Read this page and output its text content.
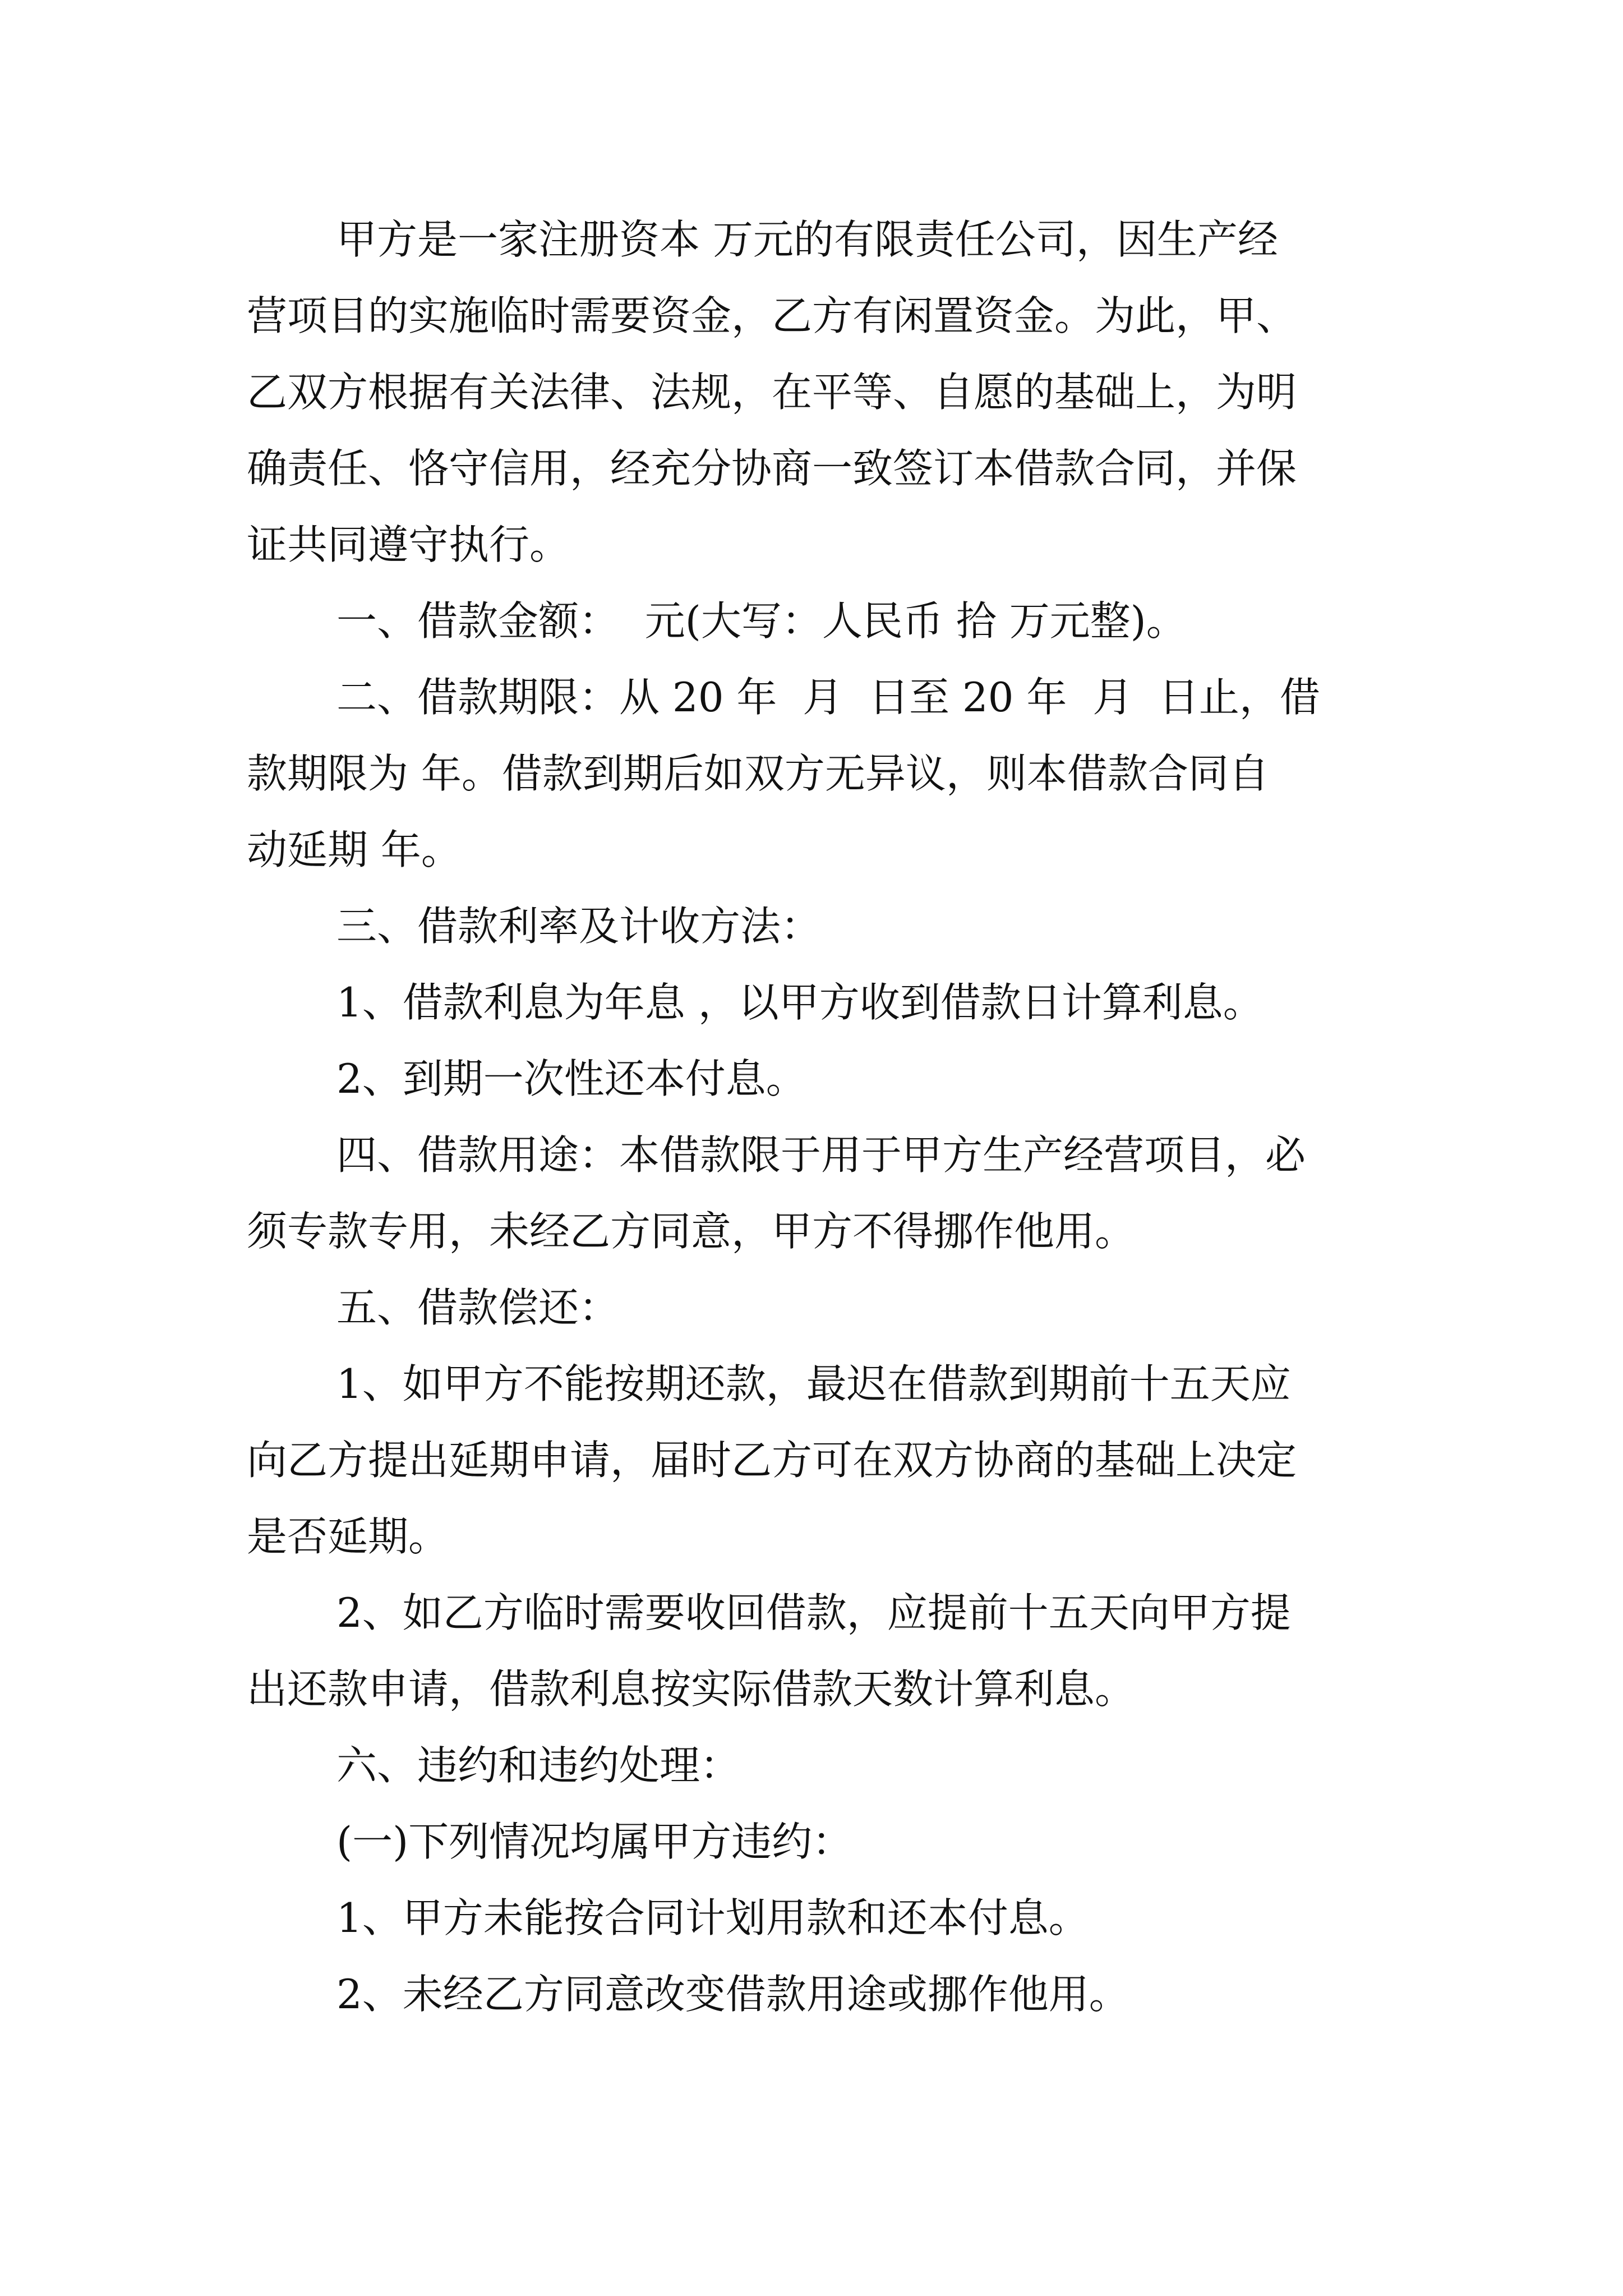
甲方是一家注册资本 万元的有限责任公司，因生产经

营项目的实施临时需要资金，乙方有闲置资金。为此，甲、

乙双方根据有关法律、法规，在平等、自愿的基础上，为明

确责任、恪守信用，经充分协商一致签订本借款合同，并保

证共同遵守执行。

一、借款金额：  元(大写：人民币 拾 万元整)。

二、借款期限：从 20 年  月  日至 20 年  月  日止，借

款期限为 年。借款到期后如双方无异议，则本借款合同自

动延期 年。

三、借款利率及计收方法：

1、借款利息为年息 ，以甲方收到借款日计算利息。

2、到期一次性还本付息。

四、借款用途：本借款限于用于甲方生产经营项目，必

须专款专用，未经乙方同意，甲方不得挪作他用。

五、借款偿还：

1、如甲方不能按期还款，最迟在借款到期前十五天应

向乙方提出延期申请，届时乙方可在双方协商的基础上决定

是否延期。

2、如乙方临时需要收回借款，应提前十五天向甲方提

出还款申请，借款利息按实际借款天数计算利息。

六、违约和违约处理：

(一)下列情况均属甲方违约：

1、甲方未能按合同计划用款和还本付息。

2、未经乙方同意改变借款用途或挪作他用。
